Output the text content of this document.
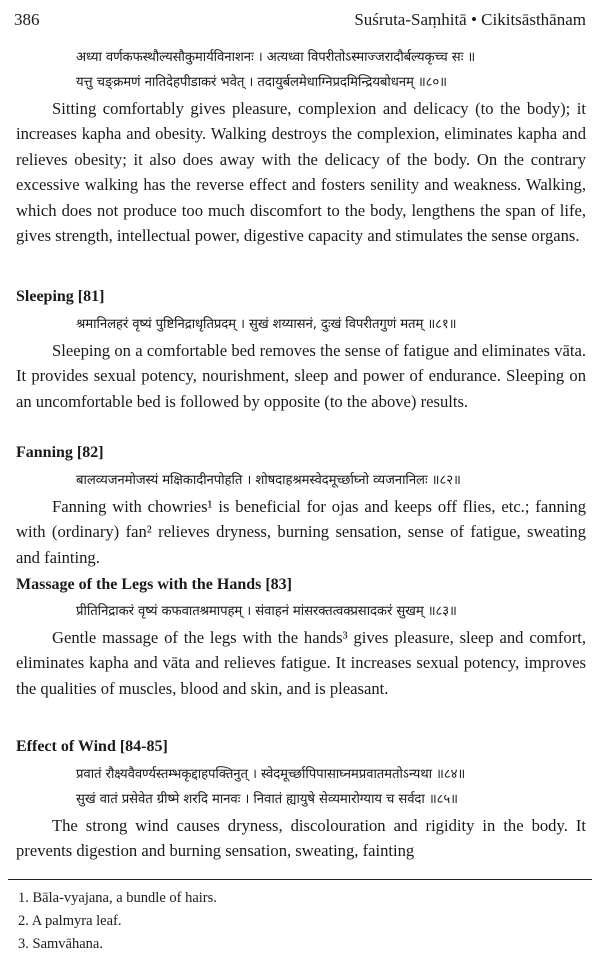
386	Suśruta-Saṃhitā • Cikitsāsthānam
अध्या वर्णकफस्थौल्यसौकुमार्यविनाशनः । अत्यध्वा विपरीतोऽस्माज्जरादौर्बल्यकृच्च सः ॥
यत्तु चङ्क्रमणं नातिदेहपीडाकरं भवेत् । तदायुर्बलमेधाग्निप्रदमिन्द्रियबोधनम् ॥८०॥
Sitting comfortably gives pleasure, complexion and delicacy (to the body); it increases kapha and obesity. Walking destroys the complexion, eliminates kapha and relieves obesity; it also does away with the delicacy of the body. On the contrary excessive walking has the reverse effect and fosters senility and weakness. Walking, which does not produce too much discomfort to the body, lengthens the span of life, gives strength, intellectual power, digestive capacity and stimulates the sense organs.
Sleeping [81]
श्रमानिलहरं वृष्यं पुष्टिनिद्राधृतिप्रदम् । सुखं शय्यासनं, दुःखं विपरीतगुणं मतम् ॥८१॥
Sleeping on a comfortable bed removes the sense of fatigue and eliminates vāta. It provides sexual potency, nourishment, sleep and power of endurance. Sleeping on an uncomfortable bed is followed by opposite (to the above) results.
Fanning [82]
बालव्यजनमोजस्यं मक्षिकादीनपोहति । शोषदाहश्रमस्वेदमूर्च्छाघ्नो व्यजनानिलः ॥८२॥
Fanning with chowries¹ is beneficial for ojas and keeps off flies, etc.; fanning with (ordinary) fan² relieves dryness, burning sensation, sense of fatigue, sweating and fainting.
Massage of the Legs with the Hands [83]
प्रीतिनिद्राकरं वृष्यं कफवातश्रमापहम् । संवाहनं मांसरक्तत्वक्प्रसादकरं सुखम् ॥८३॥
Gentle massage of the legs with the hands³ gives pleasure, sleep and comfort, eliminates kapha and vāta and relieves fatigue. It increases sexual potency, improves the qualities of muscles, blood and skin, and is pleasant.
Effect of Wind [84-85]
प्रवातं रौक्ष्यवैवर्ण्यस्तम्भकृद्दाहपक्तिनुत् । स्वेदमूर्च्छापिपासाघ्नमप्रवातमतोऽन्यथा ॥८४॥
सुखं वातं प्रसेवेत ग्रीष्मे शरदि मानवः । निवातं ह्यायुषे सेव्यमारोग्याय च सर्वदा ॥८५॥
The strong wind causes dryness, discolouration and rigidity in the body. It prevents digestion and burning sensation, sweating, fainting
1. Bāla-vyajana, a bundle of hairs.
2. A palmyra leaf.
3. Samvāhana.
